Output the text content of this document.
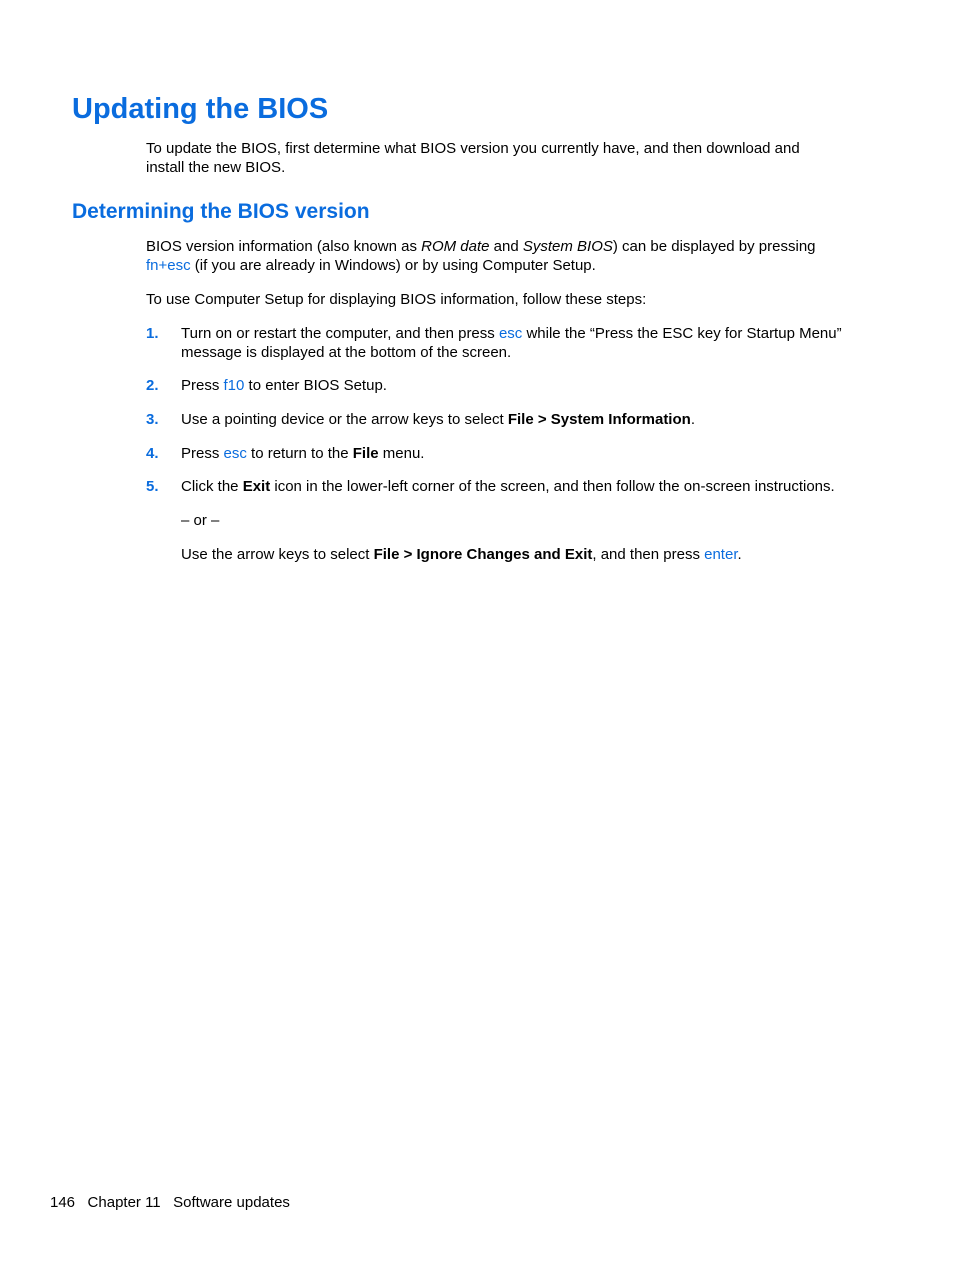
Updating the BIOS

To update the BIOS, first determine what BIOS version you currently have, and then download and

install the new BIOS.

Determining the BIOS version

BIOS version information (also known as ROM date and System BIOS) can be displayed by pressing

fn+esc (if you are already in Windows) or by using Computer Setup.

To use Computer Setup for displaying BIOS information, follow these steps:

1. Turn on or restart the computer, and then press esc while the “Press the ESC key for Startup Menu”

message is displayed at the bottom of the screen.

2. Press f10 to enter BIOS Setup.

3. Use a pointing device or the arrow keys to select File > System Information.

4. Press esc to return to the File menu.

5. Click the Exit icon in the lower-left corner of the screen, and then follow the on-screen instructions.

– or –

Use the arrow keys to select File > Ignore Changes and Exit, and then press enter.

146 Chapter 11 Software updates
